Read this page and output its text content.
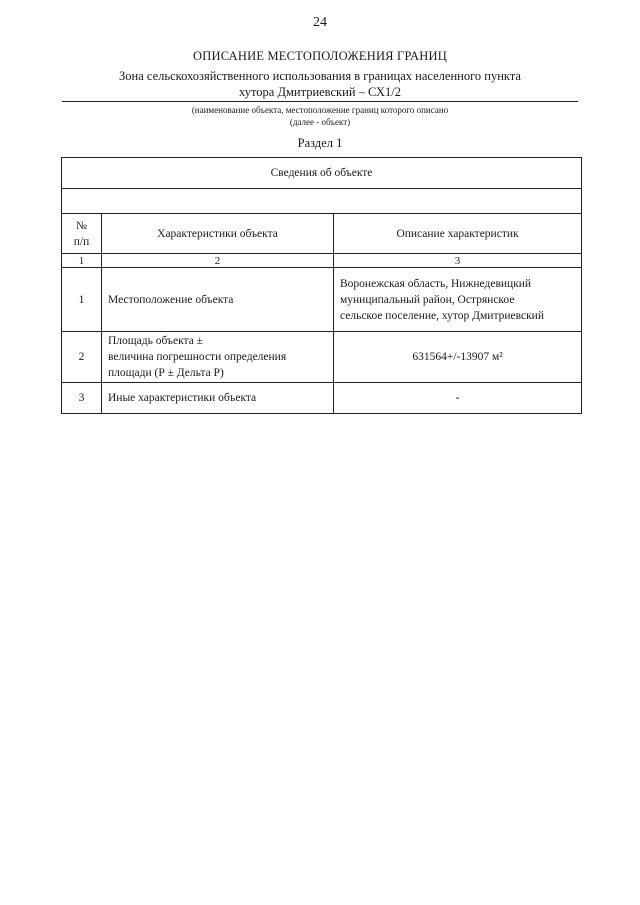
24
ОПИСАНИЕ МЕСТОПОЛОЖЕНИЯ ГРАНИЦ
Зона сельскохозяйственного использования в границах населенного пункта
хутора Дмитриевский – СХ1/2
(наименование объекта, местоположение границ которого описано
(далее - объект)
Раздел 1
Сведения об объекте		

№
п/п	Характеристики объекта	Описание характеристик
1	2	3
1	Местоположение объекта	Воронежская область, Нижнедевицкий
муниципальный район, Острянское
сельское поселение, хутор Дмитриевский

2	Площадь объекта ±
величина погрешности определения
площади (Р ± Дельта Р)	631564+/-13907 м²
3	Иные характеристики объекта	-
